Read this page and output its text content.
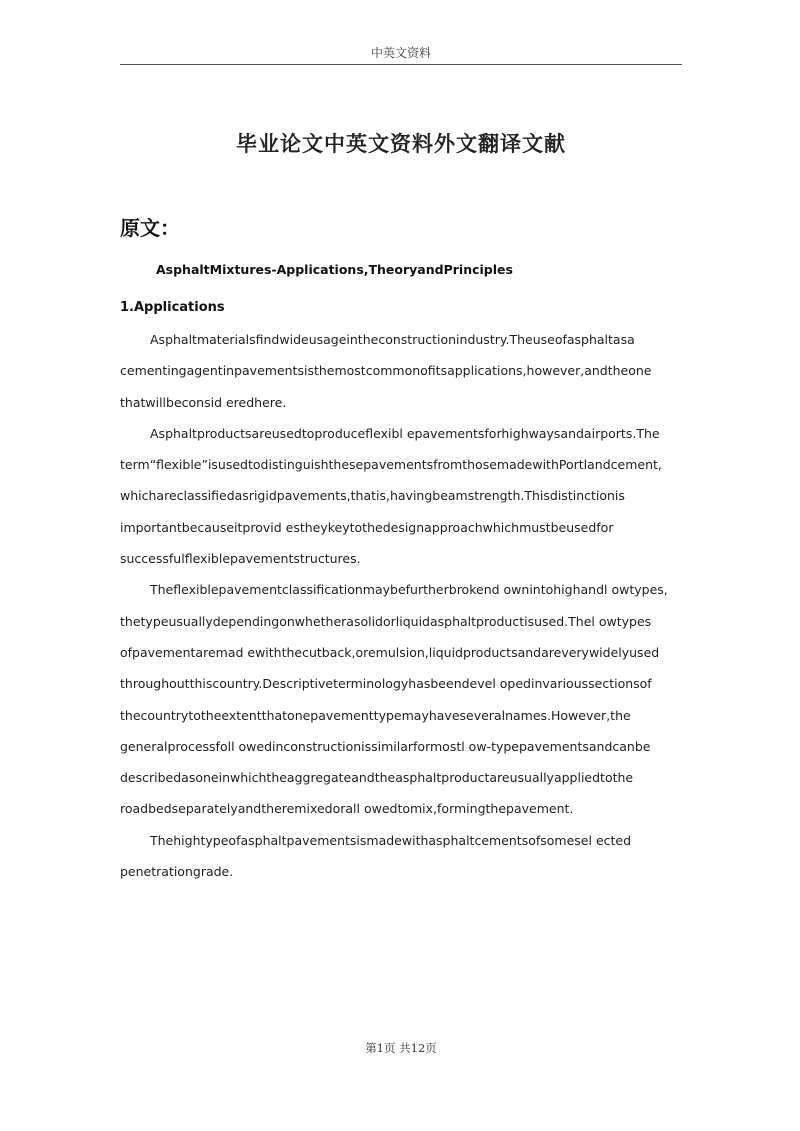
中英文资料
毕业论文中英文资料外文翻译文献
原文：
AsphaltMixtures-Applications,TheoryandPrinciples
1.Applications
Asphaltmaterialsfindwideusageintheconstructionindustry.Theuseofasphaltasa
cementingagentinpavementsisthemostcommonofitsapplications,however,andtheone
thatwillbeconsid eredhere.
Asphaltproductsareusedtoproduceflexibl epavementsforhighwaysandairports.The
term“flexible”isusedtodistinguishthesepavementsfromthosemadewithPortlandcement,
whichareclassifiedasrigidpavements,thatis,havingbeamstrength.Thisdistinctionis
importantbecauseitprovid estheykeytothedesignapproachwhichmustbeusedfor
successfulflexiblepavementstructures.
Theflexiblepavementclassificationmaybefurtherbrokend ownintohighandl owtypes,
thetypeusuallydependingonwhetherasolidorliquidasphaltproductisused.Thel owtypes
ofpavementaremad ewiththecutback,oremulsion,liquidproductsandareverywidelyused
throughoutthiscountry.Descriptiveterminologyhasbeendevel opedinvarioussectionsof
thecountrytotheextentthatonepavementtypemayhaveseveralnames.However,the
generalprocessfoll owedinconstructionissimilarformostl ow-typepavementsandcanbe
describedasoneinwhichtheaggregateandtheasphaltproductareusuallyappliedtothe
roadbedseparatelyandtheremixedorall owedtomix,formingthepavement.
Thehightypeofasphaltpavementsismadewithasphaltcementsofsomesel ected
penetrationgrade.
第1页 共12页
